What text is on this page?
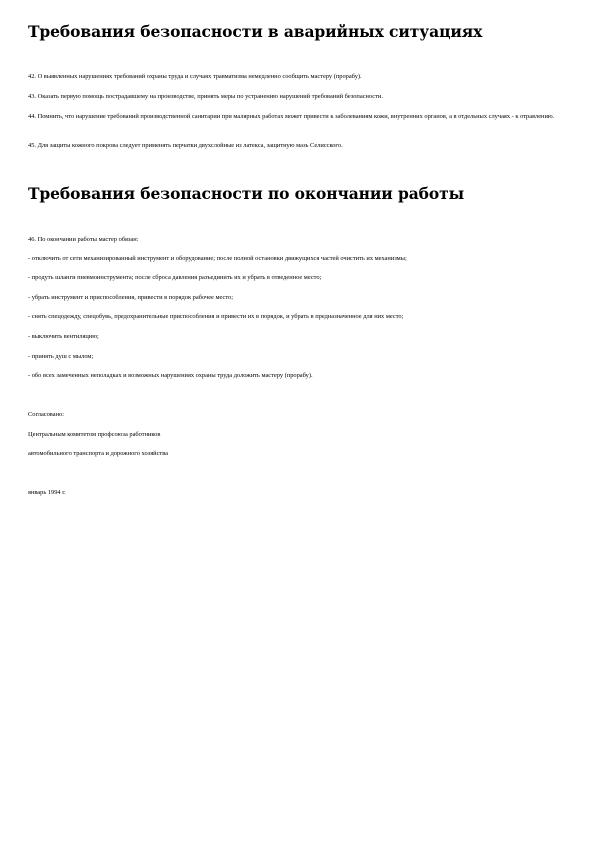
Требования безопасности в аварийных ситуациях

42. О выявленных нарушениях требований охраны труда и случаях травматизма немедленно сообщить мастеру (прорабу).

43. Оказать первую помощь пострадавшему на производстве, принять меры по устранению нарушений требований безопасности.

44. Помнить, что нарушение требований производственной санитарии при малярных работах может привести к заболеваниям кожи, внутренних органов, а в отдельных случаях - к отравлению.

45. Для защиты кожного покрова следует применять перчатки двухслойные из латекса, защитную мазь Селисского.

Требования безопасности по окончании работы

46. По окончании работы мастер обязан:

- отключить от сети механизированный инструмент и оборудование; после полной остановки движущихся частей очистить их механизмы;

- продуть шланги пневмоинструмента; после сброса давления разъединить их и убрать в отведенное место;

- убрать инструмент и приспособления, привести в порядок рабочее место;

- снять спецодежду, спецобувь, предохранительные приспособления и привести их в порядок, и убрать в предназначенное для них место;

- выключить вентиляцию;

- принять душ с мылом;

- обо всех замеченных неполадках и возможных нарушениях охраны труда доложить мастеру (прорабу).

Согласовано:

Центральным комитетом профсоюза работников

автомобильного транспорта и дорожного хозяйства

январь 1994 г.
